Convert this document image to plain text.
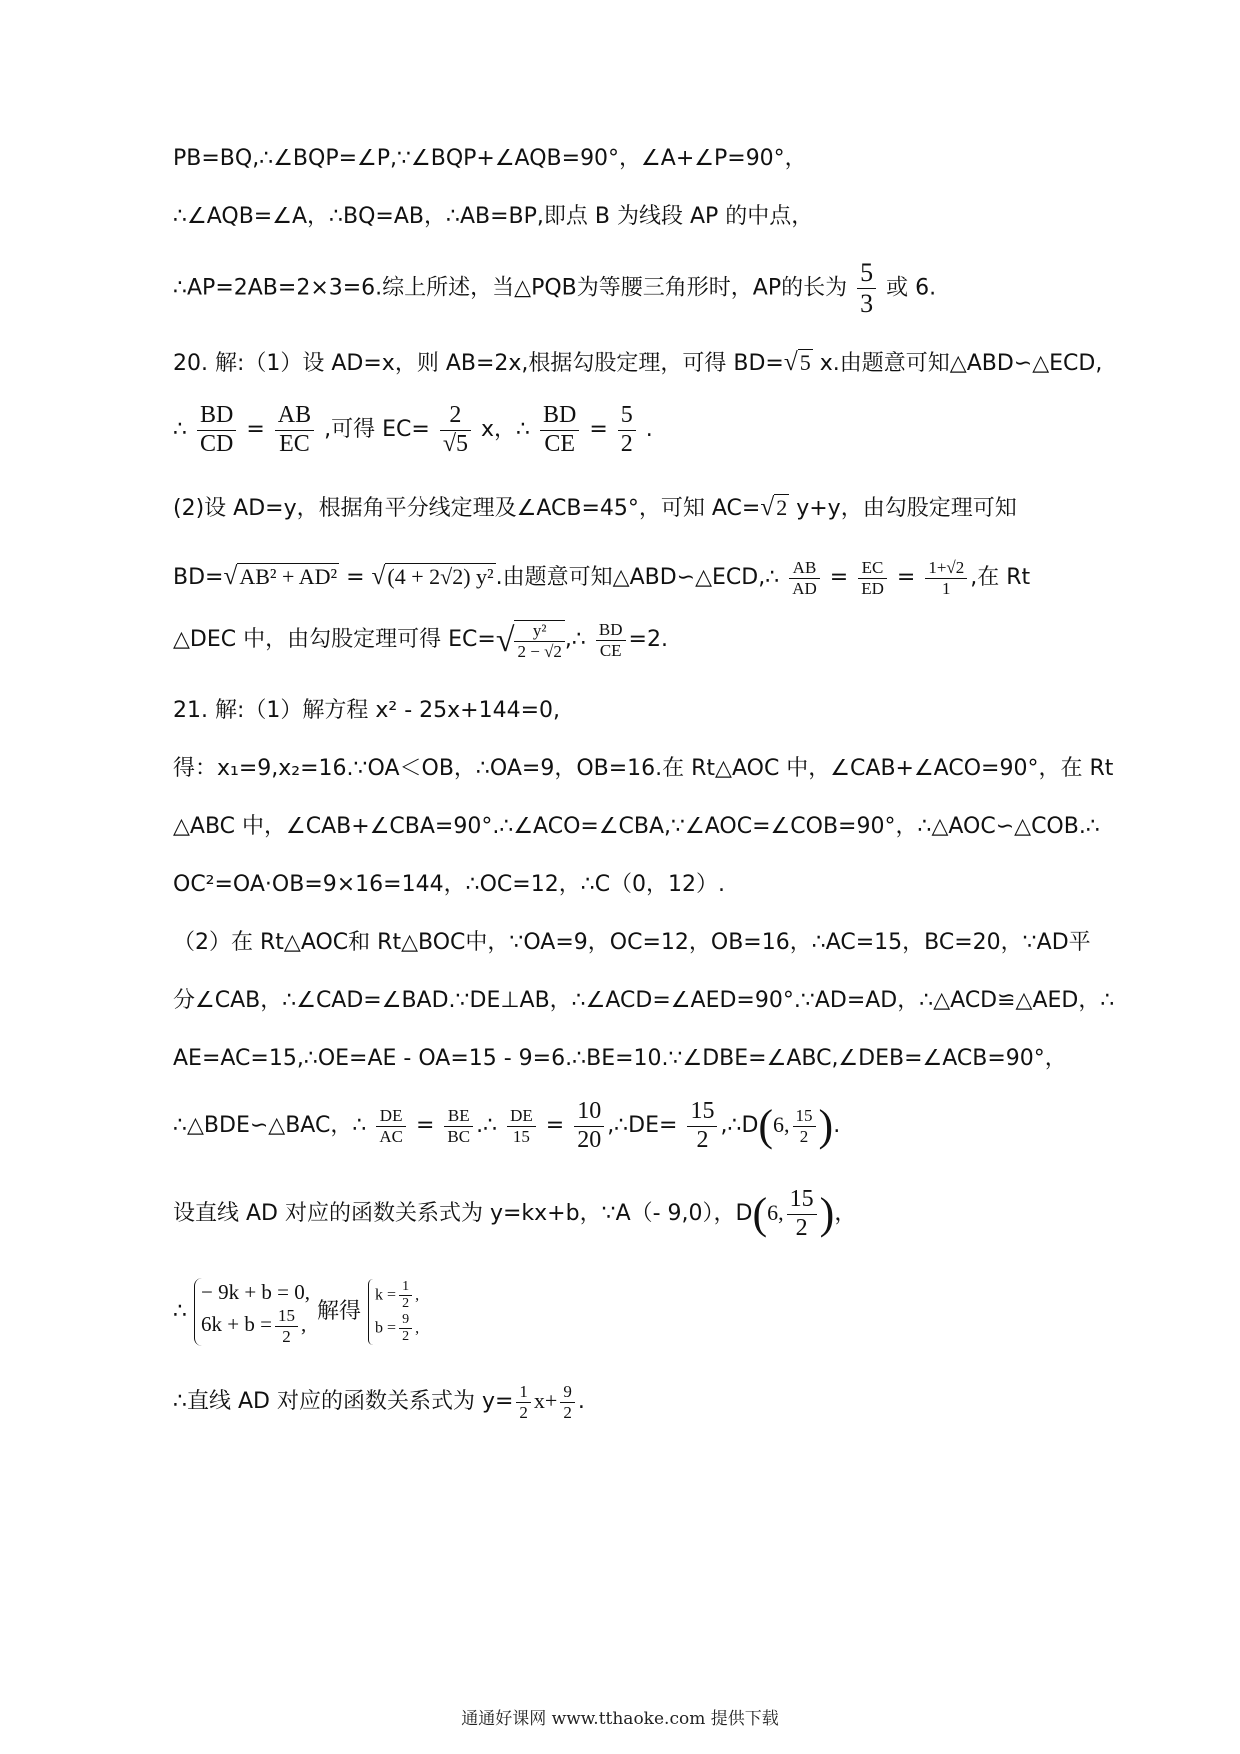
PB=BQ,∴∠BQP=∠P,∵∠BQP+∠AQB=90°，∠A+∠P=90°，
∴∠AQB=∠A，∴BQ=AB，∴AB=BP,即点 B 为线段 AP 的中点，
∴AP=2AB=2×3=6.综上所述，当△PQB为等腰三角形时，AP的长为 $\frac{5}{3}$ 或 6.
20. 解:（1）设 AD=x，则 AB=2x,根据勾股定理，可得 BD=√5 x.由题意可知△ABD∽△ECD,
∴ $\frac{BD}{CD} = \frac{AB}{EC}$ ,可得 $EC= \frac{2}{√5}$ x，∴ $\frac{BD}{CE} = \frac{5}{2}$ .
(2)设 AD=y，根据角平分线定理及∠ACB=45°，可知 AC=√2 y+y，由勾股定理可知
BD=√AB² + AD² = √(4 + 2√2) y².由题意可知△ABD∽△ECD,∴ $\frac{AB}{AD} = \frac{EC}{ED} = \frac{1+√2}{1}$ ,在 Rt
△DEC 中，由勾股定理可得 $EC=√ \frac{\text{y²}}{2 - √2}$ ,∴ $\frac{BD}{CE} =2$.
21. 解:（1）解方程 x² - 25x+144=0,
得：x₁=9,x₂=16.∵OA＜OB，∴OA=9，OB=16.在 Rt△AOC 中，∠CAB+∠ACO=90°，在 Rt
△ABC 中，∠CAB+∠CBA=90°.∴∠ACO=∠CBA,∵∠AOC=∠COB=90°，∴△AOC∽△COB.∴
OC²=OA·OB=9×16=144，∴OC=12，∴C（0，12）.
（2）在 Rt△AOC和 Rt△BOC中，∵OA=9，OC=12，OB=16，∴AC=15，BC=20，∵AD平
分∠CAB，∴∠CAD=∠BAD.∵DE⊥AB，∴∠ACD=∠AED=90°.∵AD=AD，∴△ACD≌△AED，∴
AE=AC=15,∴OE=AE - OA=15 - 9=6.∴BE=10.∵∠DBE=∠ABC,∠DEB=∠ACB=90°，
∴△BDE∽△BAC，∴ $\frac{DE}{AC} = \frac{BE}{BC}$ .∴ $\frac{DE}{15} = \frac{10}{20}$ ,∴DE= $\frac{15}{2}$ ,∴D(6, $\frac{15}{2}$ ).
设直线 AD 对应的函数关系式为 y=kx+b，∵A（- 9,0），D(6, $\frac{15}{2}$ )，
∴
− 9k + b = 0,
$6k + b = \frac{15}{2}$ , 解得
$k = \frac{1}{2}$ ,
$b = \frac{9}{2}$ ,
∴直线 AD 对应的函数关系式为 $y= \frac{1}{2} x+ \frac{9}{2}$ .
通通好课网 www.tthaoke.com 提供下载
